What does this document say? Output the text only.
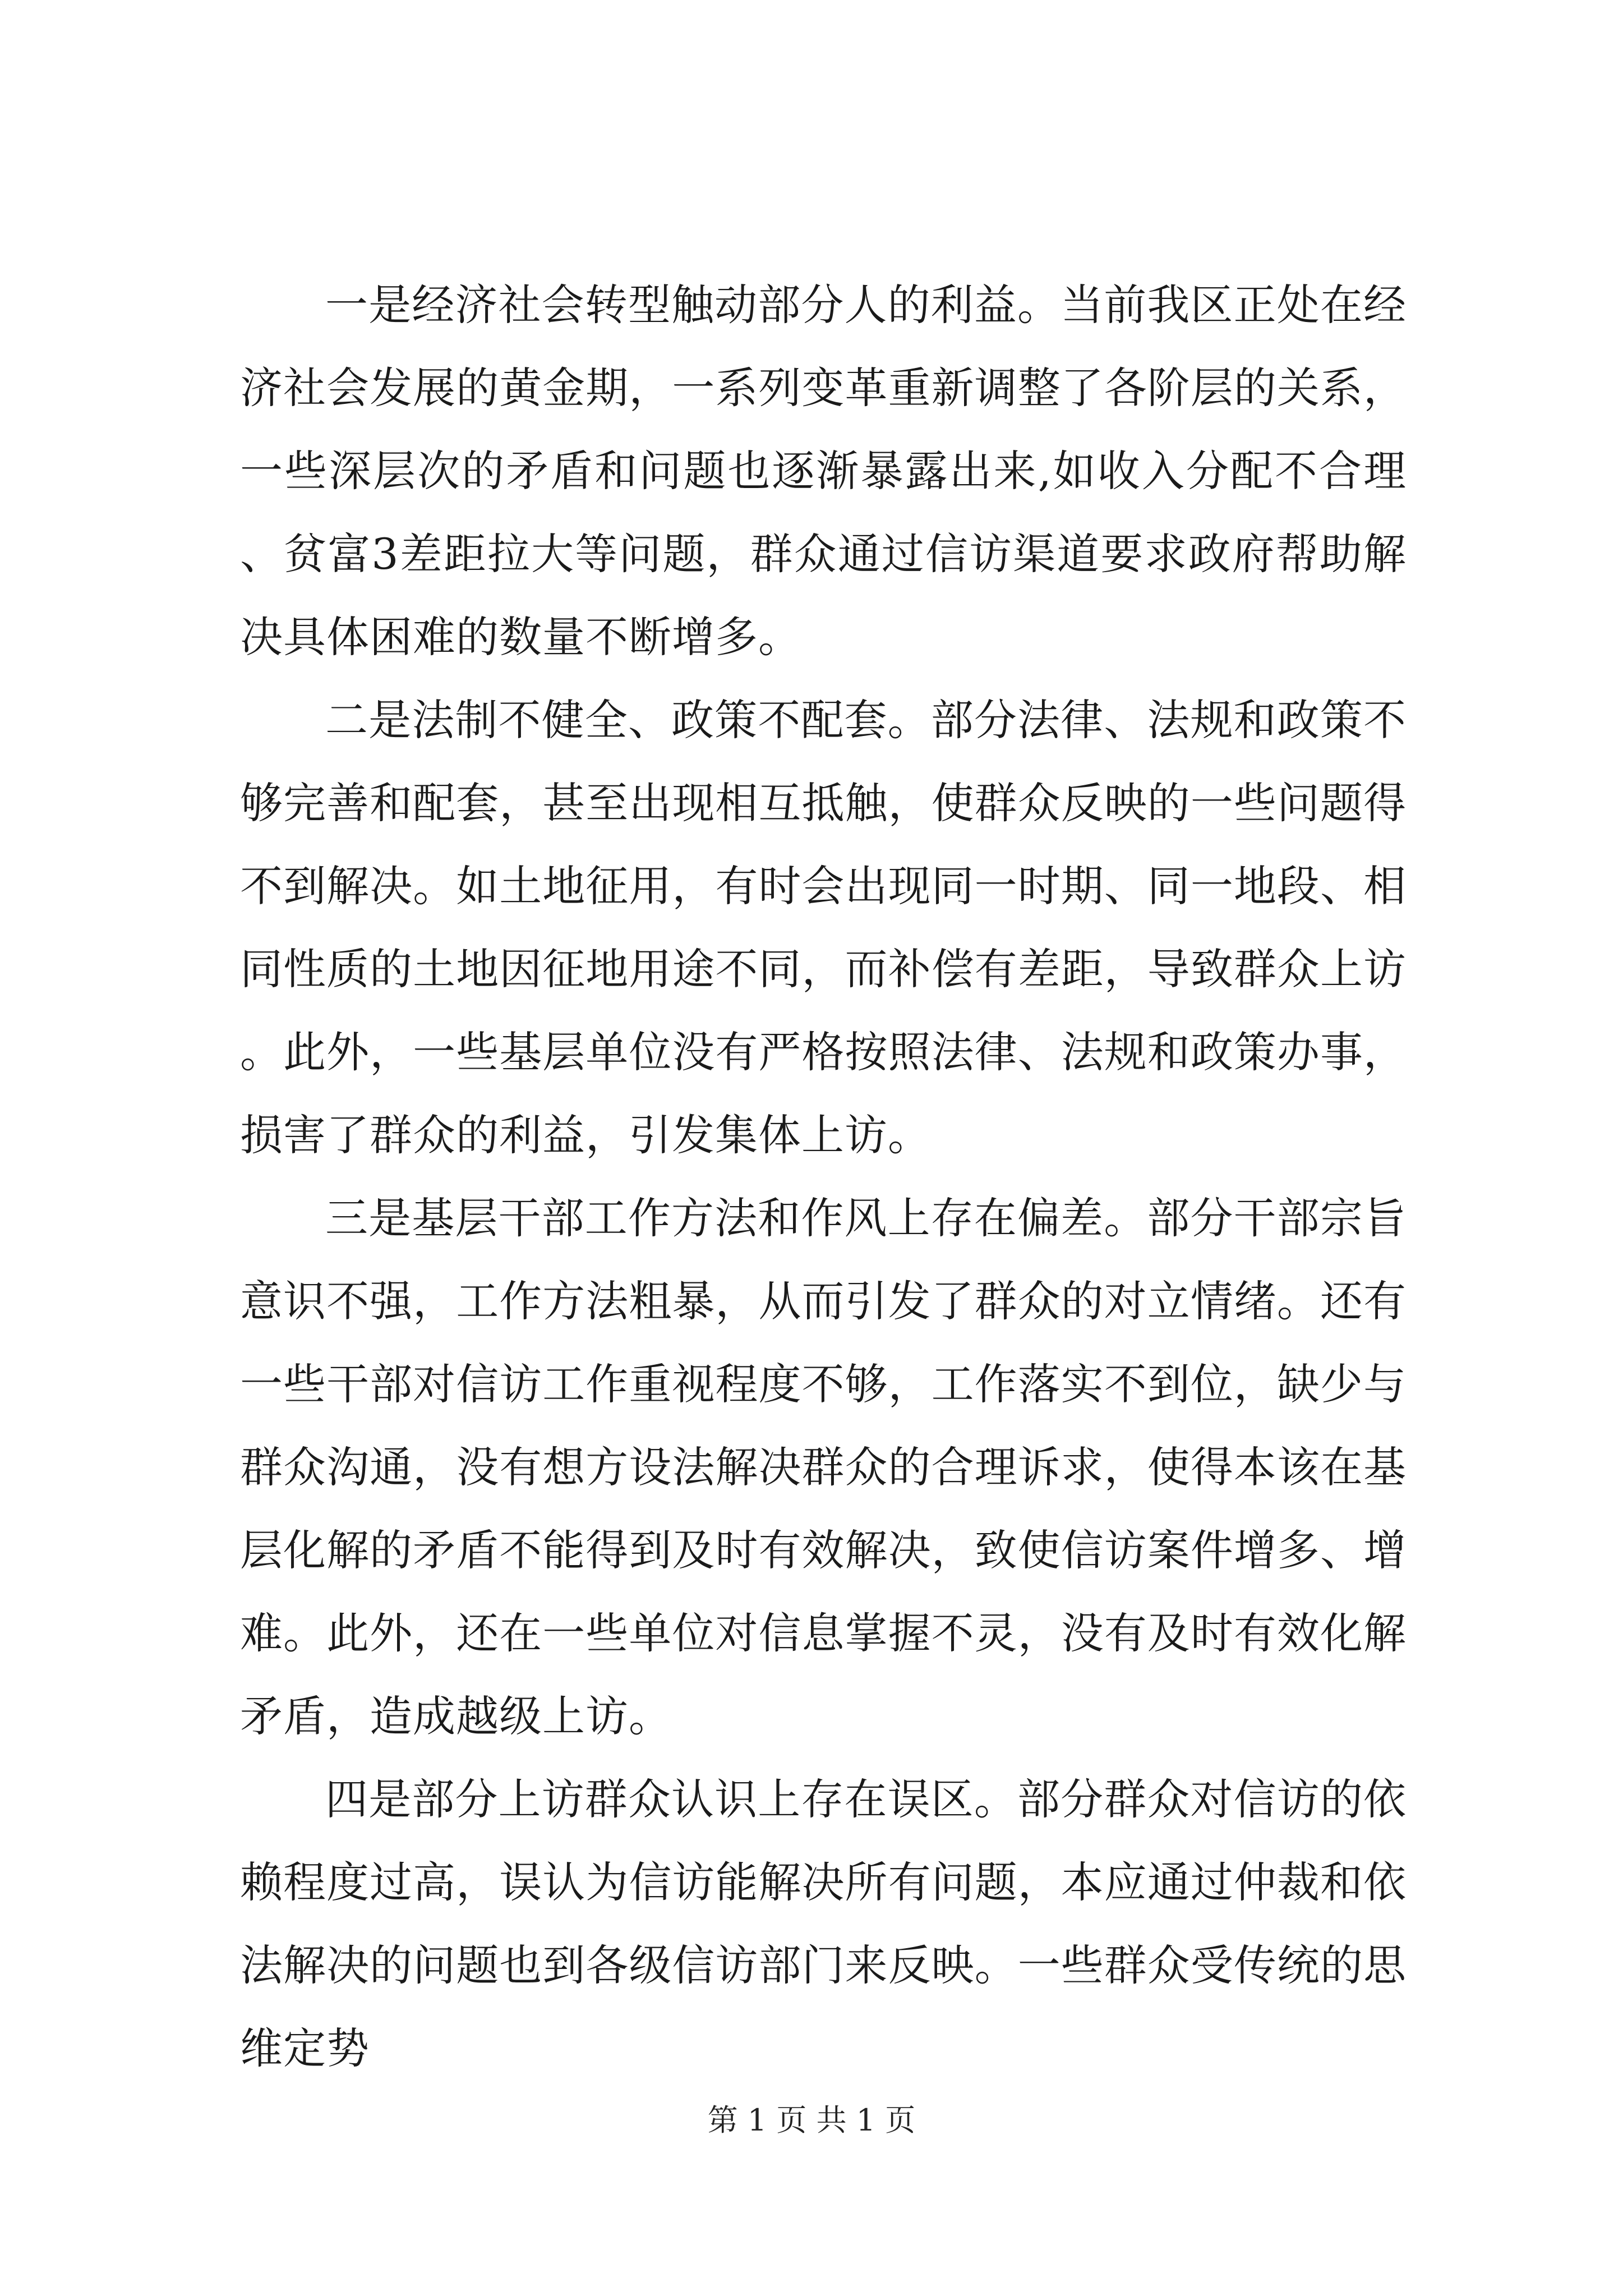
一是经济社会转型触动部分人的利益。当前我区正处在经济社会发展的黄金期，一系列变革重新调整了各阶层的关系，一些深层次的矛盾和问题也逐渐暴露出来,如收入分配不合理、贫富3差距拉大等问题，群众通过信访渠道要求政府帮助解决具体困难的数量不断增多。

二是法制不健全、政策不配套。部分法律、法规和政策不够完善和配套，甚至出现相互抵触，使群众反映的一些问题得不到解决。如土地征用，有时会出现同一时期、同一地段、相同性质的土地因征地用途不同，而补偿有差距，导致群众上访。此外，一些基层单位没有严格按照法律、法规和政策办事，损害了群众的利益，引发集体上访。

三是基层干部工作方法和作风上存在偏差。部分干部宗旨意识不强，工作方法粗暴，从而引发了群众的对立情绪。还有一些干部对信访工作重视程度不够，工作落实不到位，缺少与群众沟通，没有想方设法解决群众的合理诉求，使得本该在基层化解的矛盾不能得到及时有效解决，致使信访案件增多、增难。此外，还在一些单位对信息掌握不灵，没有及时有效化解矛盾，造成越级上访。

四是部分上访群众认识上存在误区。部分群众对信访的依赖程度过高，误认为信访能解决所有问题，本应通过仲裁和依法解决的问题也到各级信访部门来反映。一些群众受传统的思维定势

第 1 页 共 1 页
